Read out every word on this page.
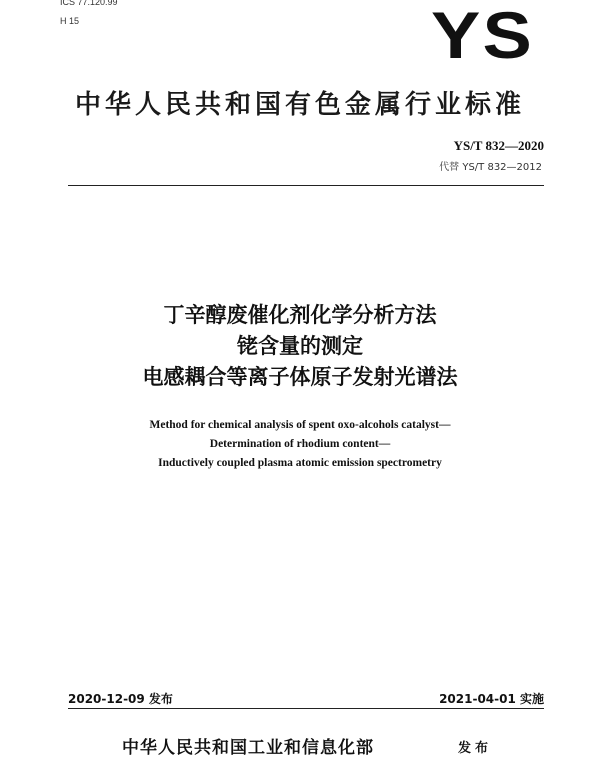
ICS 77.120.99
H 15	YS
中华人民共和国有色金属行业标准
YS/T 832—2020
代替 YS/T 832—2012
丁辛醇废催化剂化学分析方法
铑含量的测定
电感耦合等离子体原子发射光谱法
Method for chemical analysis of spent oxo-alcohols catalyst—
Determination of rhodium content—
Inductively coupled plasma atomic emission spectrometry
2020-12-09 发布	2021-04-01 实施
中华人民共和国工业和信息化部	发布
